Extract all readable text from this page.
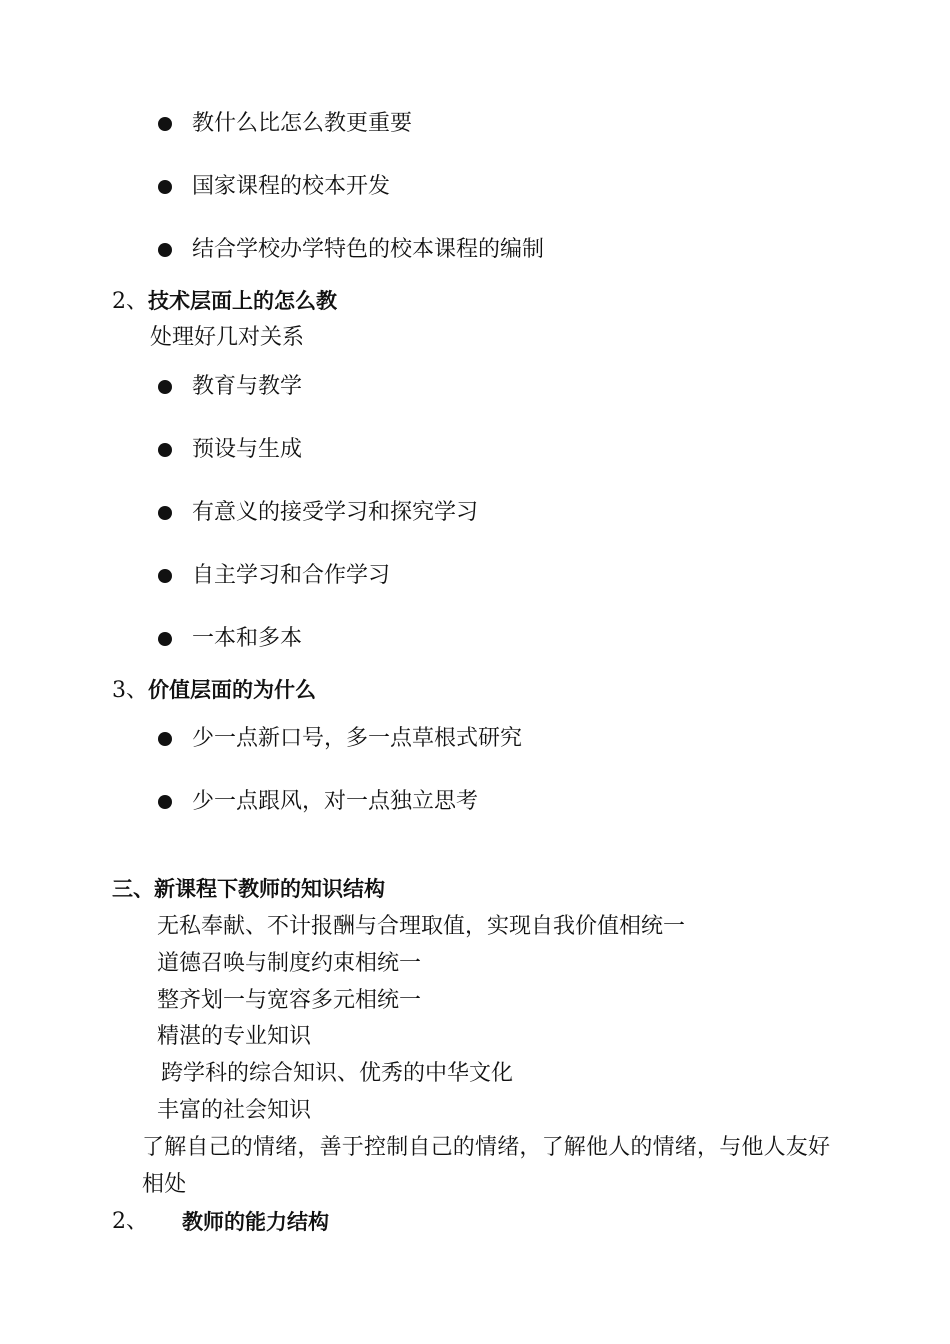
教什么比怎么教更重要
国家课程的校本开发
结合学校办学特色的校本课程的编制
2、技术层面上的怎么教
处理好几对关系
教育与教学
预设与生成
有意义的接受学习和探究学习
自主学习和合作学习
一本和多本
3、价值层面的为什么
少一点新口号，多一点草根式研究
少一点跟风，对一点独立思考
三、新课程下教师的知识结构
无私奉献、不计报酬与合理取值，实现自我价值相统一
道德召唤与制度约束相统一
整齐划一与宽容多元相统一
精湛的专业知识
跨学科的综合知识、优秀的中华文化
丰富的社会知识
了解自己的情绪，善于控制自己的情绪，了解他人的情绪，与他人友好相处
2、 教师的能力结构
